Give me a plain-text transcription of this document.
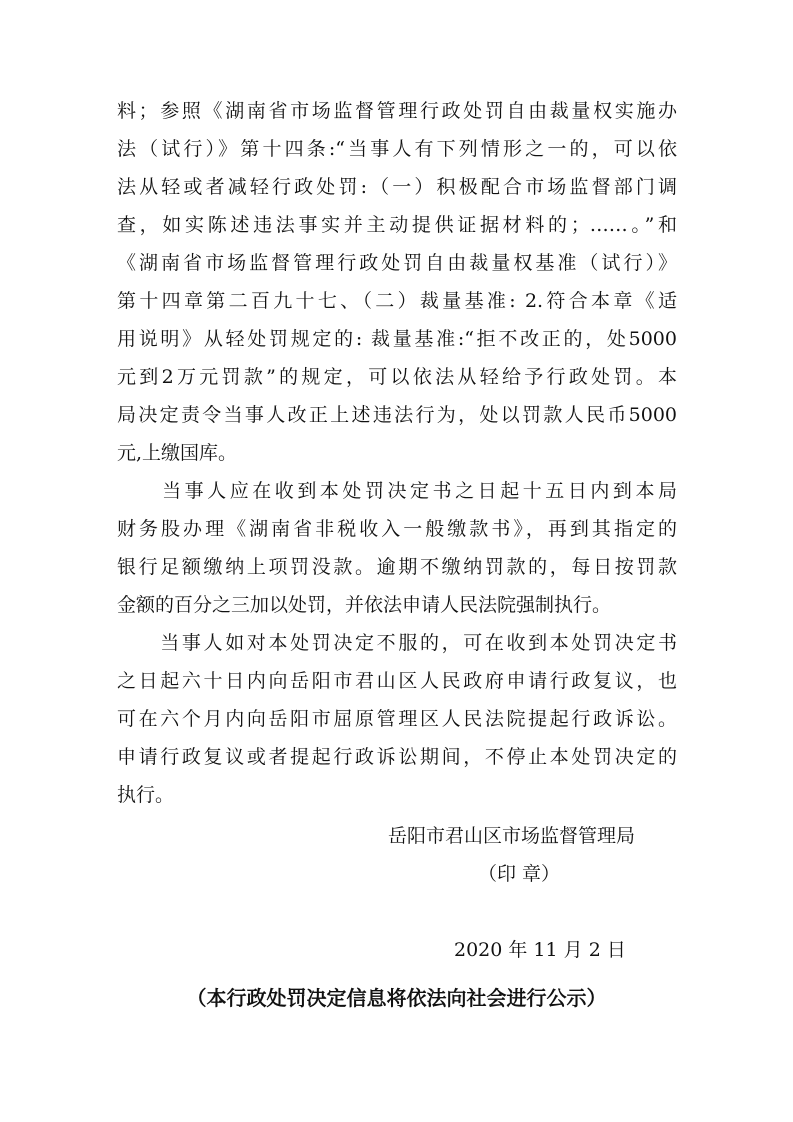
料；参照《湖南省市场监督管理行政处罚自由裁量权实施办
法（试行）》第十四条:“当事人有下列情形之一的，可以依
法从轻或者减轻行政处罚:（一）积极配合市场监督部门调
查，如实陈述违法事实并主动提供证据材料的；……。”和
《湖南省市场监督管理行政处罚自由裁量权基准（试行）》
第十四章第二百九十七、（二）裁量基准: 2.符合本章《适
用说明》从轻处罚规定的: 裁量基准:“拒不改正的，处5000
元到2万元罚款”的规定，可以依法从轻给予行政处罚。本
局决定责令当事人改正上述违法行为，处以罚款人民币5000
元,上缴国库。
　　当事人应在收到本处罚决定书之日起十五日内到本局
财务股办理《湖南省非税收入一般缴款书》，再到其指定的
银行足额缴纳上项罚没款。逾期不缴纳罚款的，每日按罚款
金额的百分之三加以处罚，并依法申请人民法院强制执行。
　　当事人如对本处罚决定不服的，可在收到本处罚决定书
之日起六十日内向岳阳市君山区人民政府申请行政复议，也
可在六个月内向岳阳市屈原管理区人民法院提起行政诉讼。
申请行政复议或者提起行政诉讼期间，不停止本处罚决定的
执行。
岳阳市君山区市场监督管理局
（印 章）
2020 年 11 月 2 日
（本行政处罚决定信息将依法向社会进行公示）
